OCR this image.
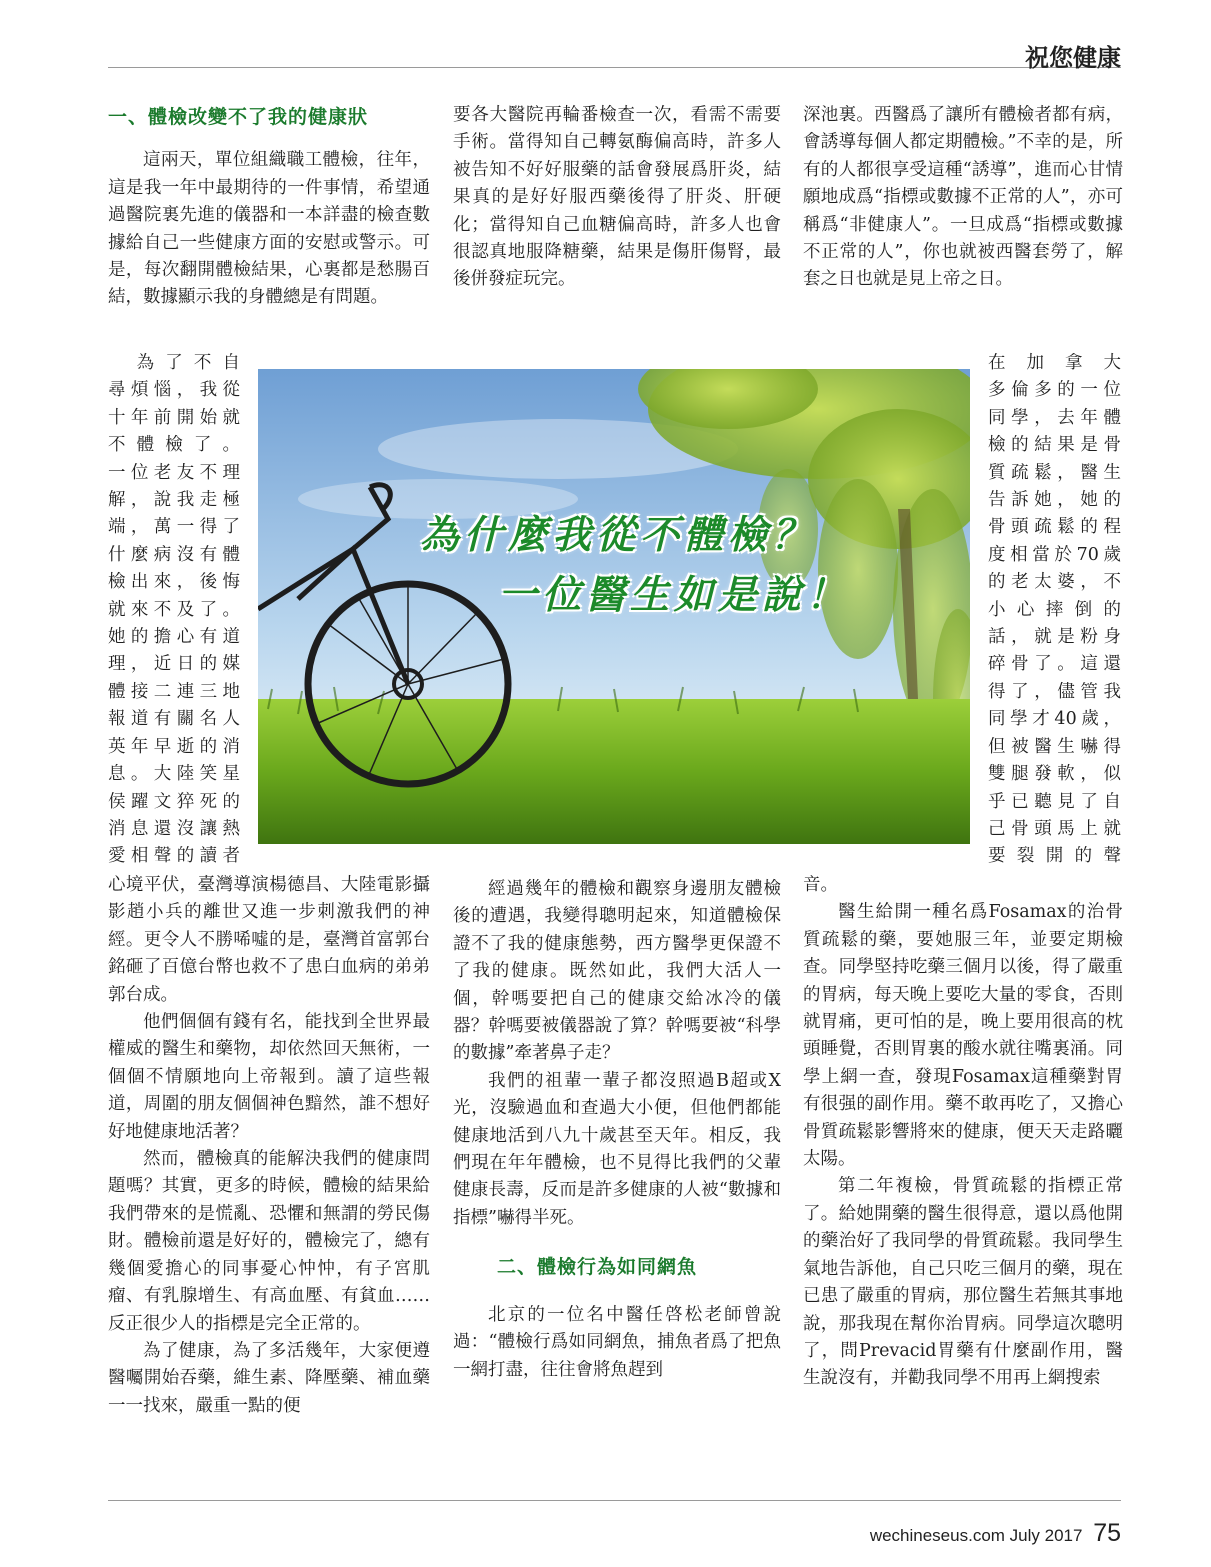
祝您健康
一、體檢改變不了我的健康狀

這兩天，單位組織職工體檢，往年，這是我一年中最期待的一件事情，希望通過醫院裏先進的儀器和一本詳盡的檢查數據給自己一些健康方面的安慰或警示。可是，每次翻開體檢結果，心裏都是愁腸百結，數據顯示我的身體總是有問題。

要各大醫院再輪番檢查一次，看需不需要手術。當得知自己轉氨酶偏高時，許多人被告知不好好服藥的話會發展爲肝炎，結果真的是好好服西藥後得了肝炎、肝硬化；當得知自己血糖偏高時，許多人也會很認真地服降糖藥，結果是傷肝傷腎，最後併發症玩完。

深池裏。西醫爲了讓所有體檢者都有病，會誘導每個人都定期體檢。”不幸的是，所有的人都很享受這種“誘導”，進而心甘情願地成爲“指標或數據不正常的人”，亦可稱爲“非健康人”。一旦成爲“指標或數據不正常的人”，你也就被西醫套勞了，解套之日也就是見上帝之日。

　為了不自
尋煩惱，我從
十年前開始就
不體檢了。
一位老友不理
解，說我走極
端，萬一得了
什麼病沒有體
檢出來，後悔
就來不及了。
她的擔心有道
理，近日的媒
體接二連三地
報道有關名人
英年早逝的消
息。大陸笑星
侯躍文猝死的
消息還沒讓熱
愛相聲的讀者
在加拿大
多倫多的一位
同學，去年體
檢的結果是骨
質疏鬆，醫生
告訴她，她的
骨頭疏鬆的程
度相當於70歲
的老太婆，不
小心摔倒的
話，就是粉身
碎骨了。這還
得了，儘管我
同學才40歲，
但被醫生嚇得
雙腿發軟，似
乎已聽見了自
己骨頭馬上就
要裂開的聲
為什麼我從不體檢？
一位醫生如是說！

心境平伏，臺灣導演楊德昌、大陸電影攝影趙小兵的離世又進一步刺激我們的神經。更令人不勝唏噓的是，臺灣首富郭台銘砸了百億台幣也救不了患白血病的弟弟郭台成。

他們個個有錢有名，能找到全世界最權威的醫生和藥物，却依然回天無術，一個個不情願地向上帝報到。讀了這些報道，周圍的朋友個個神色黯然，誰不想好好地健康地活著？

然而，體檢真的能解決我們的健康問題嗎？其實，更多的時候，體檢的結果給我們帶來的是慌亂、恐懼和無謂的勞民傷財。體檢前還是好好的，體檢完了，總有幾個愛擔心的同事憂心忡忡，有子宮肌瘤、有乳腺增生、有高血壓、有貧血……反正很少人的指標是完全正常的。

為了健康，為了多活幾年，大家便遵醫囑開始吞藥，維生素、降壓藥、補血藥一一找來，嚴重一點的便

經過幾年的體檢和觀察身邊朋友體檢後的遭遇，我變得聰明起來，知道體檢保證不了我的健康態勢，西方醫學更保證不了我的健康。既然如此，我們大活人一個，幹嗎要把自己的健康交給冰冷的儀器？幹嗎要被儀器說了算？幹嗎要被“科學的數據”牽著鼻子走？

我們的祖輩一輩子都沒照過B超或X光，沒驗過血和查過大小便，但他們都能健康地活到八九十歲甚至天年。相反，我們現在年年體檢，也不見得比我們的父輩健康長壽，反而是許多健康的人被“數據和指標”嚇得半死。

二、體檢行為如同網魚

北京的一位名中醫任啓松老師曾說過：“體檢行爲如同網魚，捕魚者爲了把魚一網打盡，往往會將魚趕到

音。

醫生給開一種名爲Fosamax的治骨質疏鬆的藥，要她服三年，並要定期檢查。同學堅持吃藥三個月以後，得了嚴重的胃病，每天晚上要吃大量的零食，否則就胃痛，更可怕的是，晚上要用很高的枕頭睡覺，否則胃裏的酸水就往嘴裏涌。同學上網一查，發現Fosamax這種藥對胃有很强的副作用。藥不敢再吃了，又擔心骨質疏鬆影響將來的健康，便天天走路曬太陽。

第二年複檢，骨質疏鬆的指標正常了。給她開藥的醫生很得意，還以爲他開的藥治好了我同學的骨質疏鬆。我同學生氣地告訴他，自己只吃三個月的藥，現在已患了嚴重的胃病，那位醫生若無其事地說，那我現在幫你治胃病。同學這次聰明了，問Prevacid胃藥有什麼副作用，醫生說沒有，并勸我同學不用再上網搜索

wechineseus.com July 2017 75
